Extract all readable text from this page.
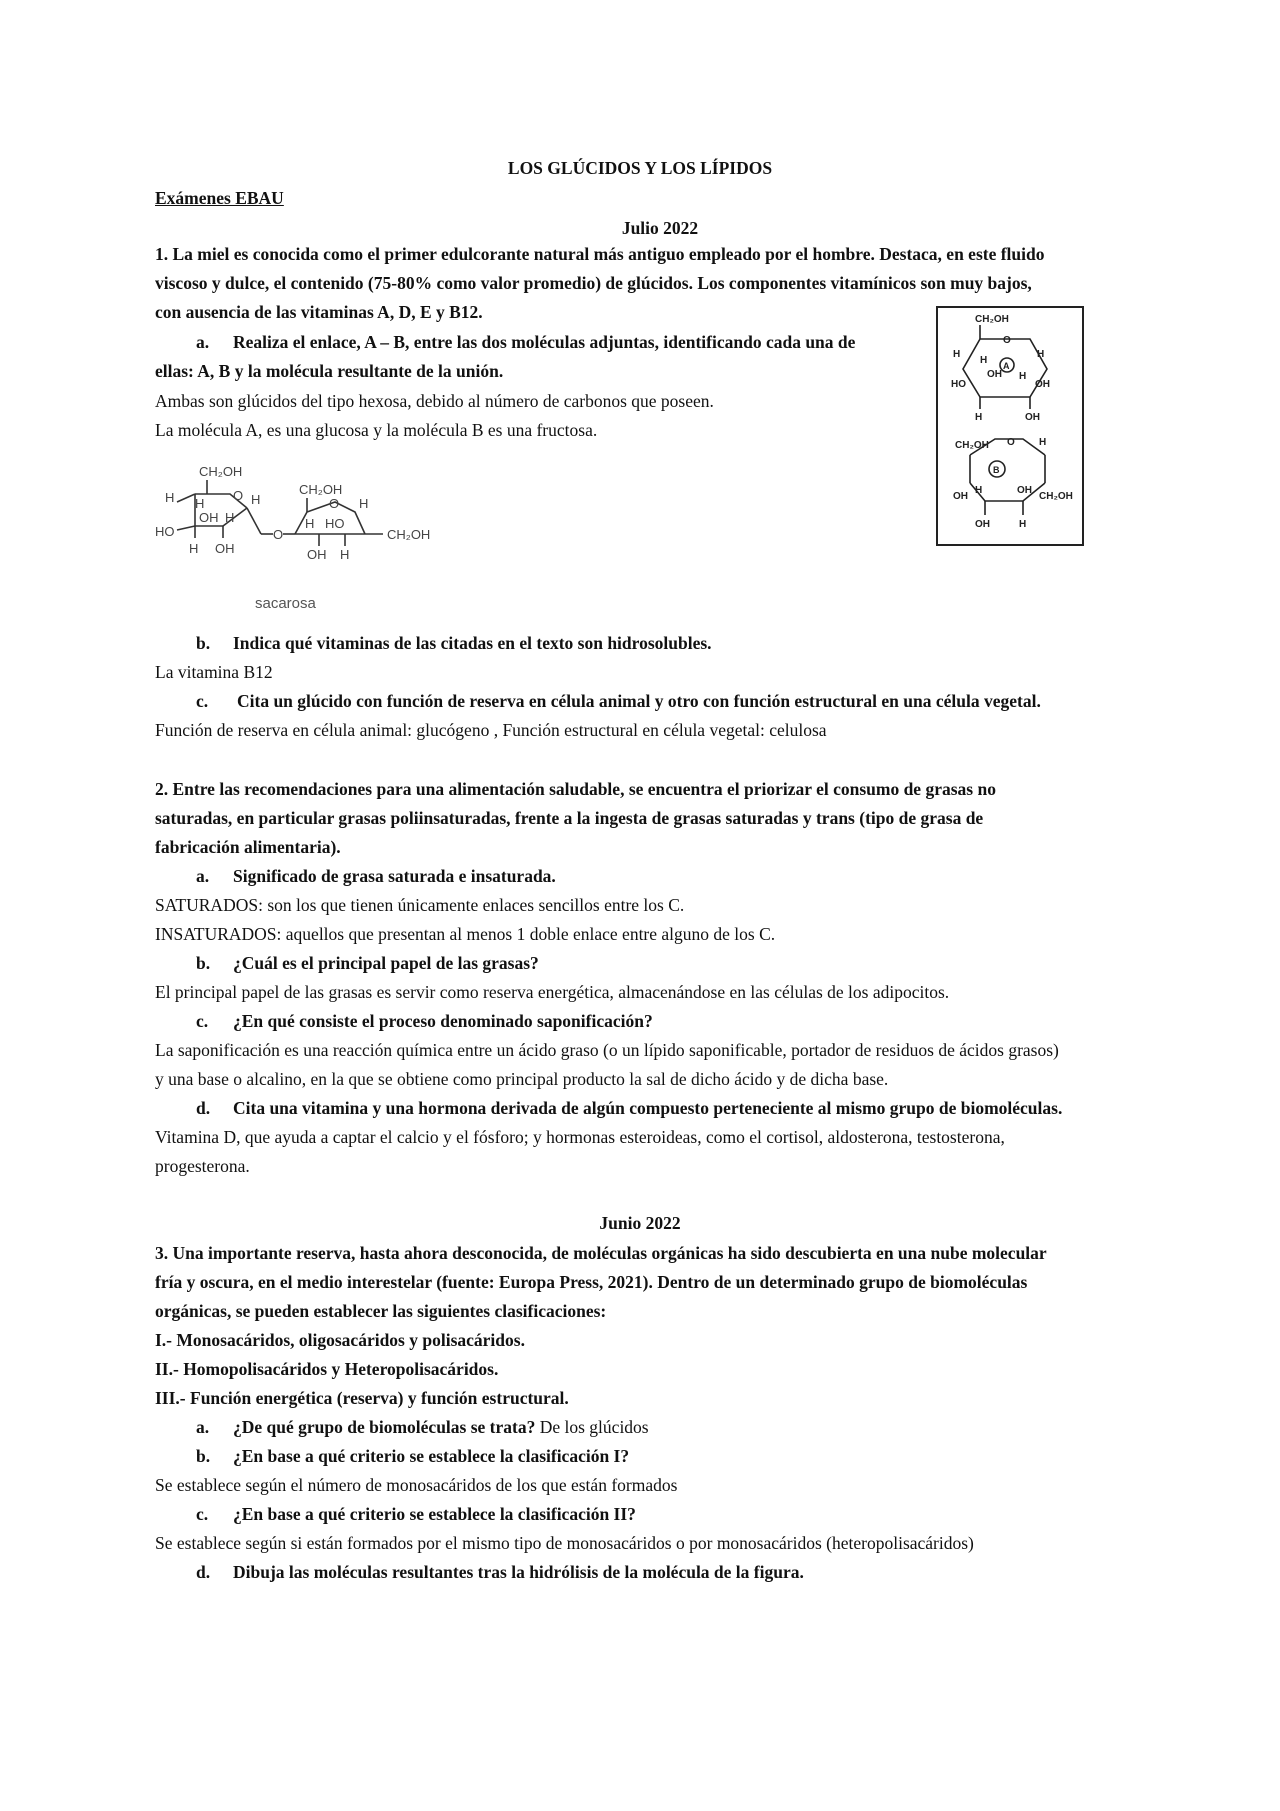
LOS GLÚCIDOS Y LOS LÍPIDOS
Exámenes EBAU
Julio 2022
1. La miel es conocida como el primer edulcorante natural más antiguo empleado por el hombre. Destaca, en este fluido
viscoso y dulce, el contenido (75-80% como valor promedio) de glúcidos. Los componentes vitamínicos son muy bajos,
con ausencia de las vitaminas A, D, E y B12.
a. Realiza el enlace, A – B, entre las dos moléculas adjuntas, identificando cada una de
ellas: A, B y la molécula resultante de la unión.
Ambas son glúcidos del tipo hexosa, debido al número de carbonos que poseen.
La molécula A, es una glucosa y la molécula B es una fructosa.
CH₂OH
O H
H H
OH H
HO
H OH
O
CH₂OH
O H
H HO
CH₂OH
OH H
sacarosa
CH₂OH
O
A
H
H
OH
H
H
HO	OH
H	OH
CH₂OH O H
B
H
OH
OH
CH₂OH
OH	H
b. Indica qué vitaminas de las citadas en el texto son hidrosolubles.
La vitamina B12
c. Cita un glúcido con función de reserva en célula animal y otro con función estructural en una célula vegetal.
Función de reserva en célula animal: glucógeno , Función estructural en célula vegetal: celulosa
2. Entre las recomendaciones para una alimentación saludable, se encuentra el priorizar el consumo de grasas no
saturadas, en particular grasas poliinsaturadas, frente a la ingesta de grasas saturadas y trans (tipo de grasa de
fabricación alimentaria).
a. Significado de grasa saturada e insaturada.
SATURADOS: son los que tienen únicamente enlaces sencillos entre los C.
INSATURADOS: aquellos que presentan al menos 1 doble enlace entre alguno de los C.
b. ¿Cuál es el principal papel de las grasas?
El principal papel de las grasas es servir como reserva energética, almacenándose en las células de los adipocitos.
c. ¿En qué consiste el proceso denominado saponificación?
La saponificación es una reacción química entre un ácido graso (o un lípido saponificable, portador de residuos de ácidos grasos)
y una base o alcalino, en la que se obtiene como principal producto la sal de dicho ácido y de dicha base.
d. Cita una vitamina y una hormona derivada de algún compuesto perteneciente al mismo grupo de biomoléculas.
Vitamina D, que ayuda a captar el calcio y el fósforo; y hormonas esteroideas, como el cortisol, aldosterona, testosterona,
progesterona.
Junio 2022
3. Una importante reserva, hasta ahora desconocida, de moléculas orgánicas ha sido descubierta en una nube molecular
fría y oscura, en el medio interestelar (fuente: Europa Press, 2021). Dentro de un determinado grupo de biomoléculas
orgánicas, se pueden establecer las siguientes clasificaciones:
I.- Monosacáridos, oligosacáridos y polisacáridos.
II.- Homopolisacáridos y Heteropolisacáridos.
III.- Función energética (reserva) y función estructural.
a. ¿De qué grupo de biomoléculas se trata? De los glúcidos
b. ¿En base a qué criterio se establece la clasificación I?
Se establece según el número de monosacáridos de los que están formados
c. ¿En base a qué criterio se establece la clasificación II?
Se establece según si están formados por el mismo tipo de monosacáridos o por monosacáridos (heteropolisacáridos)
d. Dibuja las moléculas resultantes tras la hidrólisis de la molécula de la figura.
